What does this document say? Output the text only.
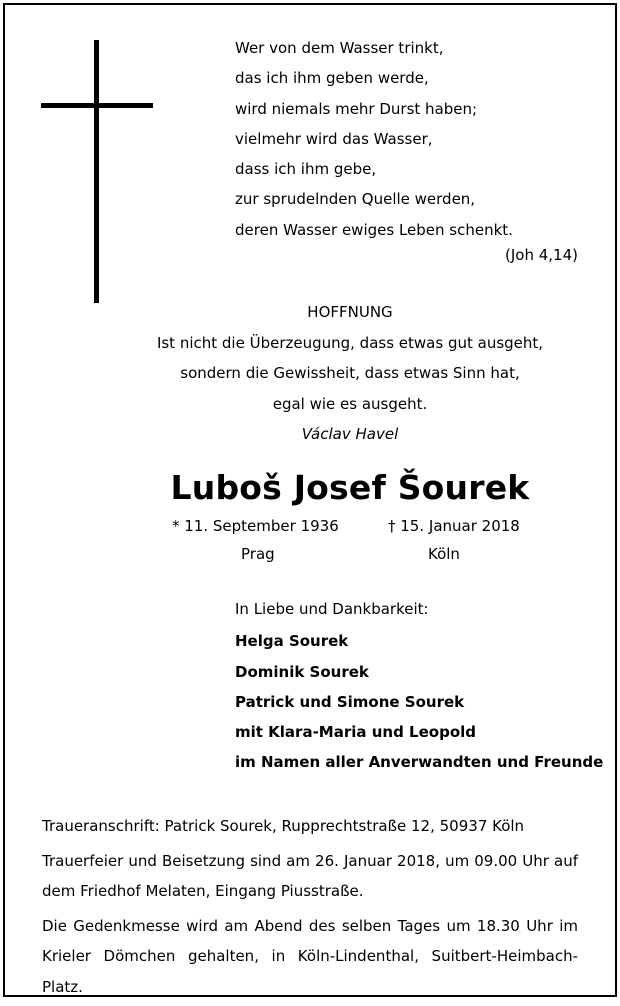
Wer von dem Wasser trinkt,
das ich ihm geben werde,
wird niemals mehr Durst haben;
vielmehr wird das Wasser,
dass ich ihm gebe,
zur sprudelnden Quelle werden,
deren Wasser ewiges Leben schenkt.
(Joh 4,14)
HOFFNUNG
Ist nicht die Überzeugung, dass etwas gut ausgeht,
sondern die Gewissheit, dass etwas Sinn hat,
egal wie es ausgeht.
Václav Havel
Luboš Josef Šourek
* 11. September 1936	† 15. Januar 2018
Prag	Köln
In Liebe und Dankbarkeit:
Helga Sourek
Dominik Sourek
Patrick und Simone Sourek
mit Klara-Maria und Leopold
im Namen aller Anverwandten und Freunde

Traueranschrift: Patrick Sourek, Rupprechtstraße 12, 50937 Köln

Trauerfeier und Beisetzung sind am 26. Januar 2018, um 09.00 Uhr auf dem Friedhof Melaten, Eingang Piusstraße.

Die Gedenkmesse wird am Abend des selben Tages um 18.30 Uhr im Krieler Dömchen gehalten, in Köln-Lindenthal, Suitbert-Heimbach-Platz.
